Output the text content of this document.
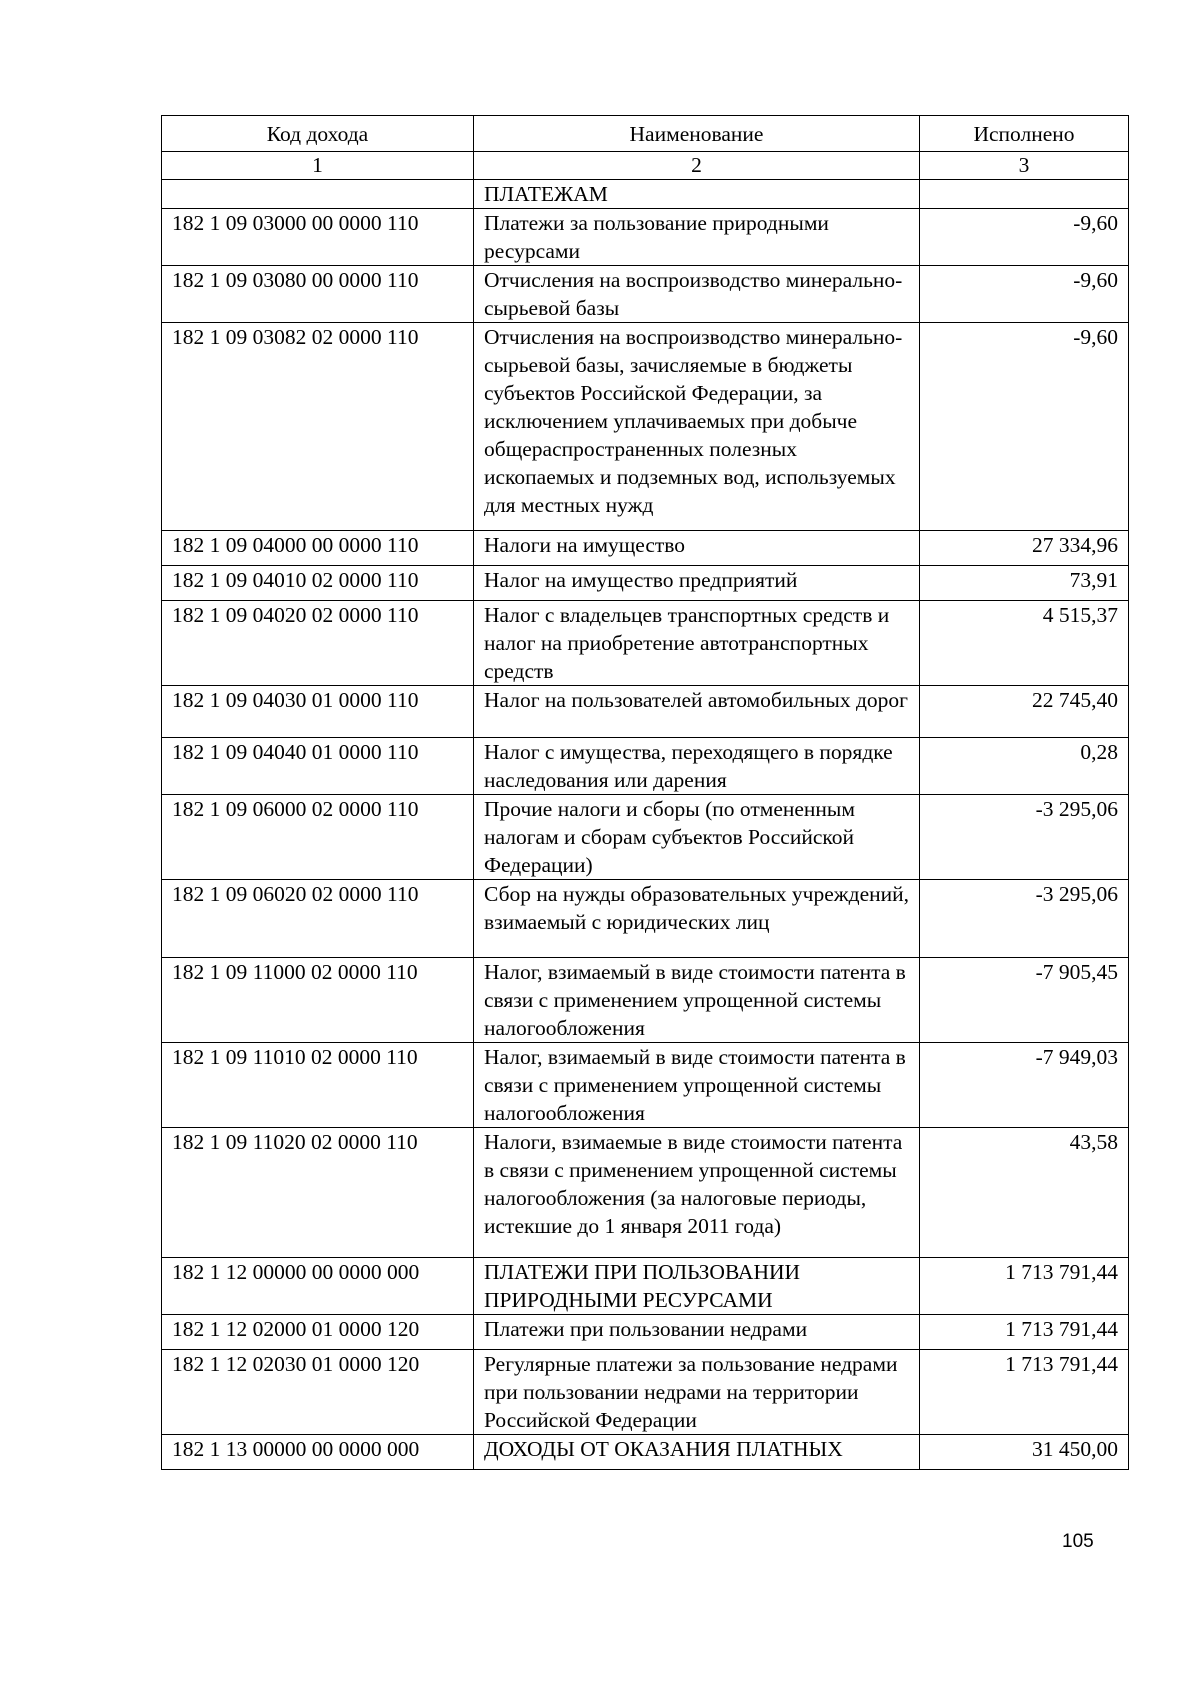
Код дохода	Наименование	Исполнено
1	2	3
	ПЛАТЕЖАМ	
182 1 09 03000 00 0000 110	Платежи за пользование природными ресурсами	-9,60
182 1 09 03080 00 0000 110	Отчисления на воспроизводство минерально-сырьевой базы	-9,60
182 1 09 03082 02 0000 110	Отчисления на воспроизводство минерально-сырьевой базы, зачисляемые в бюджеты субъектов Российской Федерации, за исключением уплачиваемых при добыче общераспространенных полезных ископаемых и подземных вод, используемых для местных нужд	-9,60
182 1 09 04000 00 0000 110	Налоги на имущество	27 334,96
182 1 09 04010 02 0000 110	Налог на имущество предприятий	73,91
182 1 09 04020 02 0000 110	Налог с владельцев транспортных средств и налог на приобретение автотранспортных средств	4 515,37
182 1 09 04030 01 0000 110	Налог на пользователей автомобильных дорог	22 745,40
182 1 09 04040 01 0000 110	Налог с имущества, переходящего в порядке наследования или дарения	0,28
182 1 09 06000 02 0000 110	Прочие налоги и сборы (по отмененным налогам и сборам субъектов Российской Федерации)	-3 295,06
182 1 09 06020 02 0000 110	Сбор на нужды образовательных учреждений, взимаемый с юридических лиц	-3 295,06
182 1 09 11000 02 0000 110	Налог, взимаемый в виде стоимости патента в связи с применением упрощенной системы налогообложения	-7 905,45
182 1 09 11010 02 0000 110	Налог, взимаемый в виде стоимости патента в связи с применением упрощенной системы налогообложения	-7 949,03
182 1 09 11020 02 0000 110	Налоги, взимаемые в виде стоимости патента в связи с применением упрощенной системы налогообложения (за налоговые периоды, истекшие до 1 января 2011 года)	43,58
182 1 12 00000 00 0000 000	ПЛАТЕЖИ ПРИ ПОЛЬЗОВАНИИ ПРИРОДНЫМИ РЕСУРСАМИ	1 713 791,44
182 1 12 02000 01 0000 120	Платежи при пользовании недрами	1 713 791,44
182 1 12 02030 01 0000 120	Регулярные платежи за пользование недрами при пользовании недрами на территории Российской Федерации	1 713 791,44
182 1 13 00000 00 0000 000	ДОХОДЫ ОТ ОКАЗАНИЯ ПЛАТНЫХ	31 450,00
105
